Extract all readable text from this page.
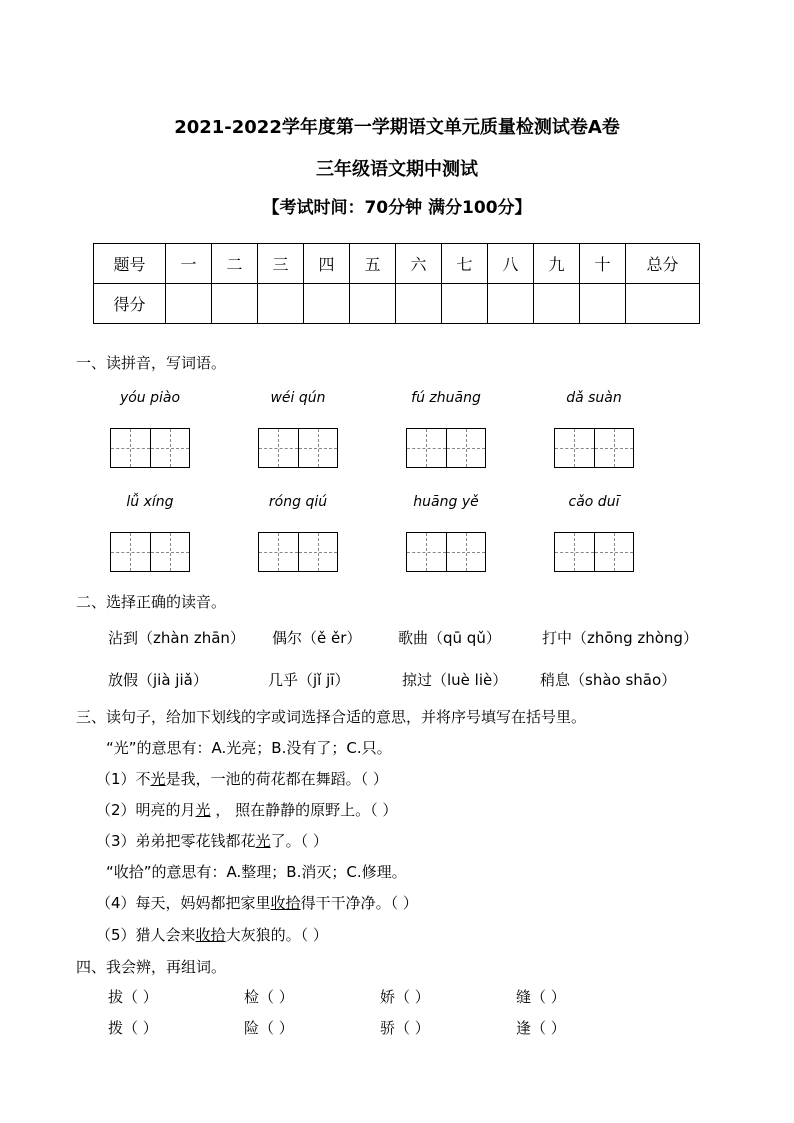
2021-2022学年度第一学期语文单元质量检测试卷A卷
三年级语文期中测试
【考试时间：70分钟 满分100分】
题号	一	二	三	四	五	六	七	八	九	十	总分
得分											
一、读拼音，写词语。
yóu piào	wéi qún	fú zhuāng	dǎ suàn
lǚ xíng	róng qiú	huāng yě	cǎo duī
二、选择正确的读音。
沾到（zhàn zhān） 偶尔（ě ěr） 歌曲（qū qǔ）	打中（zhōng zhòng）
放假（jià jiǎ）	几乎（jǐ jī）	掠过（luè liè） 稍息（shào shāo）
三、读句子，给加下划线的字或词选择合适的意思，并将序号填写在括号里。
“光”的意思有：A.光亮；B.没有了；C.只。
（1）不光是我，一池的荷花都在舞蹈。（ ）
（2）明亮的月光 ， 照在静静的原野上。（ ）
（3）弟弟把零花钱都花光了。（ ）
“收拾”的意思有：A.整理；B.消灭；C.修理。
（4）每天，妈妈都把家里收拾得干干净净。（ ）
（5）猎人会来收拾大灰狼的。（ ）
四、我会辨，再组词。
拔（ ）	检（ ）	娇（ ）	缝（ ）
拨（ ）	险（ ）	骄（ ）	逢（ ）
